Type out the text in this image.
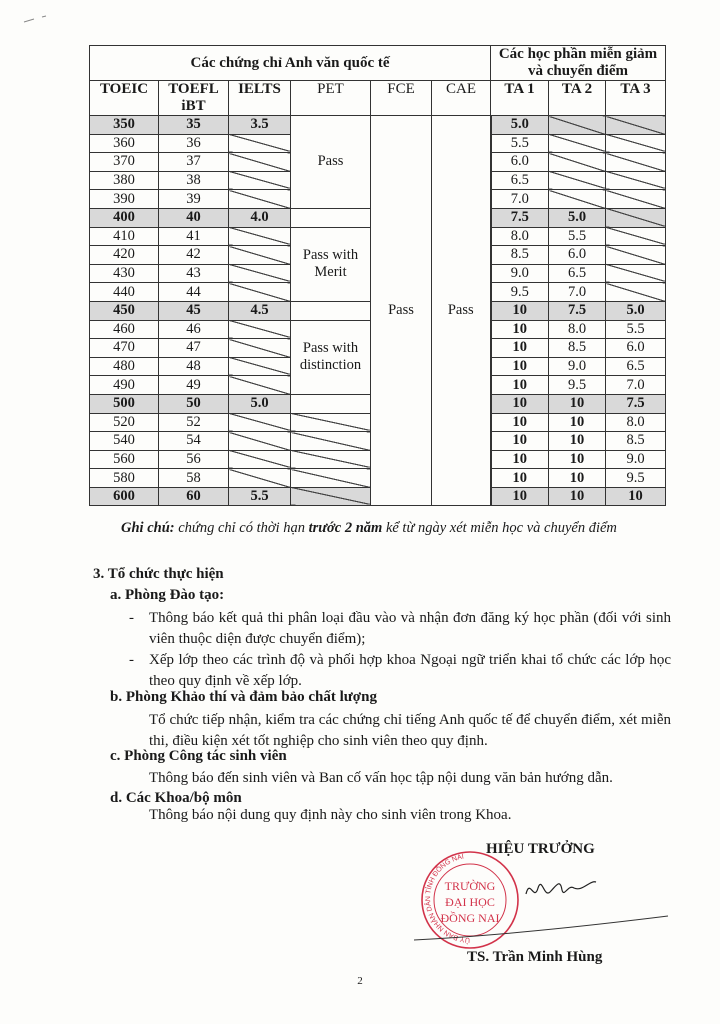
Các chứng chỉ Anh văn quốc tế						Các học phần miễn giảm và chuyển điểm		
TOEIC	TOEFL iBT	IELTS	PET	FCE	CAE	TA 1	TA 2	TA 3
350	35	3.5	Pass	Pass	Pass	5.0		
360	36					5.5		
370	37					6.0		
380	38					6.5		
390	39					7.0		
400	40	4.0				7.5	5.0	
410	41		Pass with Merit			8.0	5.5	
420	42					8.5	6.0	
430	43					9.0	6.5	
440	44					9.5	7.0	
450	45	4.5				10	7.5	5.0
460	46		Pass with distinction			10	8.0	5.5
470	47					10	8.5	6.0
480	48					10	9.0	6.5
490	49					10	9.5	7.0
500	50	5.0				10	10	7.5
520	52					10	10	8.0
540	54					10	10	8.5
560	56					10	10	9.0
580	58					10	10	9.5
600	60	5.5				10	10	10
Ghi chú: chứng chỉ có thời hạn trước 2 năm kể từ ngày xét miễn học và chuyển điểm
3. Tổ chức thực hiện
a. Phòng Đào tạo:
- Thông báo kết quả thi phân loại đầu vào và nhận đơn đăng ký học phần (đối với sinh viên thuộc diện được chuyển điểm);
- Xếp lớp theo các trình độ và phối hợp khoa Ngoại ngữ triển khai tổ chức các lớp học theo quy định về xếp lớp.
b. Phòng Khảo thí và đảm bảo chất lượng
Tổ chức tiếp nhận, kiểm tra các chứng chỉ tiếng Anh quốc tế để chuyển điểm, xét miễn thi, điều kiện xét tốt nghiệp cho sinh viên theo quy định.
c. Phòng Công tác sinh viên
Thông báo đến sinh viên và Ban cố vấn học tập nội dung văn bản hướng dẫn.
d. Các Khoa/bộ môn
Thông báo nội dung quy định này cho sinh viên trong Khoa.
ỦY BAN NHÂN DÂN TỈNH ĐỒNG NAI
TRƯỜNG
ĐẠI HỌC
ĐỒNG NAI
HIỆU TRƯỞNG
TS. Trần Minh Hùng
2
